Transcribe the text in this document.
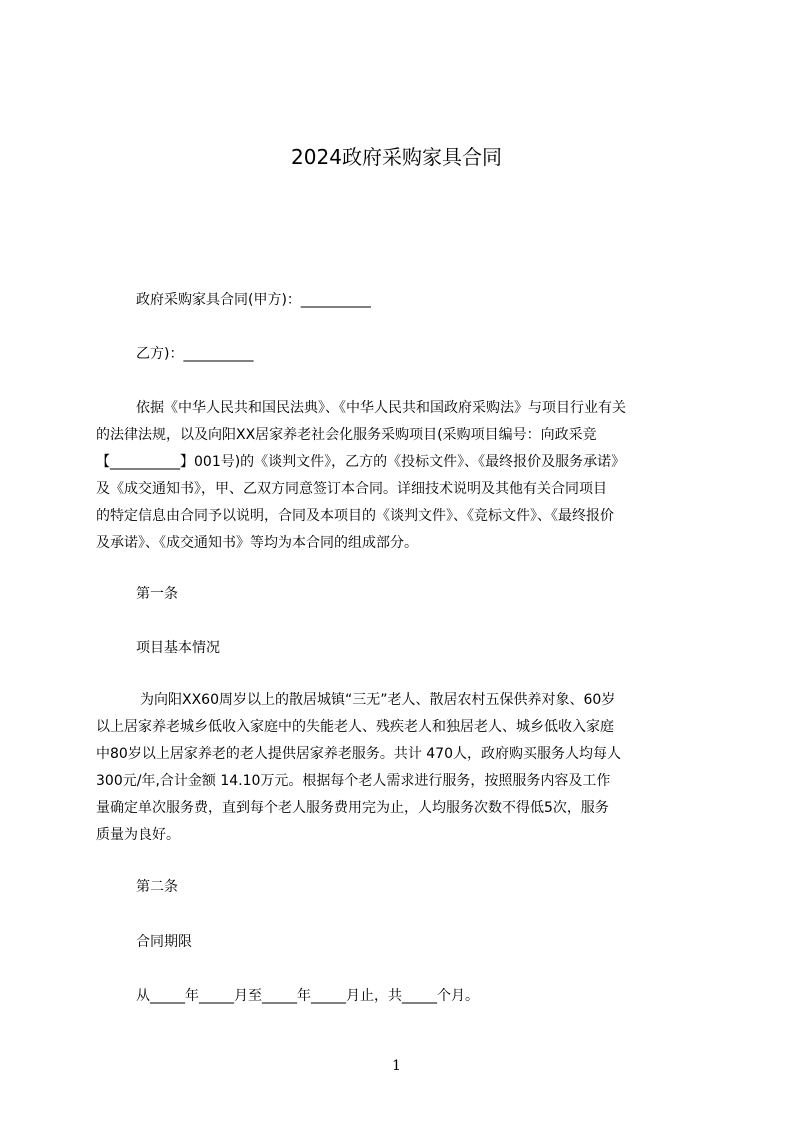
2024政府采购家具合同
政府采购家具合同(甲方)：__________
乙方)：__________
依据《中华人民共和国民法典》、《中华人民共和国政府采购法》与项目行业有关
的法律法规，以及向阳XX居家养老社会化服务采购项目(采购项目编号：向政采竞
【__________】001号)的《谈判文件》，乙方的《投标文件》、《最终报价及服务承诺》
及《成交通知书》，甲、乙双方同意签订本合同。详细技术说明及其他有关合同项目
的特定信息由合同予以说明，合同及本项目的《谈判文件》、《竞标文件》、《最终报价
及承诺》、《成交通知书》等均为本合同的组成部分。
第一条
项目基本情况
为向阳XX60周岁以上的散居城镇“三无”老人、散居农村五保供养对象、60岁
以上居家养老城乡低收入家庭中的失能老人、残疾老人和独居老人、城乡低收入家庭
中80岁以上居家养老的老人提供居家养老服务。共计 470人，政府购买服务人均每人
300元/年,合计金额 14.10万元。根据每个老人需求进行服务，按照服务内容及工作
量确定单次服务费，直到每个老人服务费用完为止，人均服务次数不得低5次，服务
质量为良好。
第二条
合同期限
从_____年_____月至_____年_____月止，共_____个月。
1
